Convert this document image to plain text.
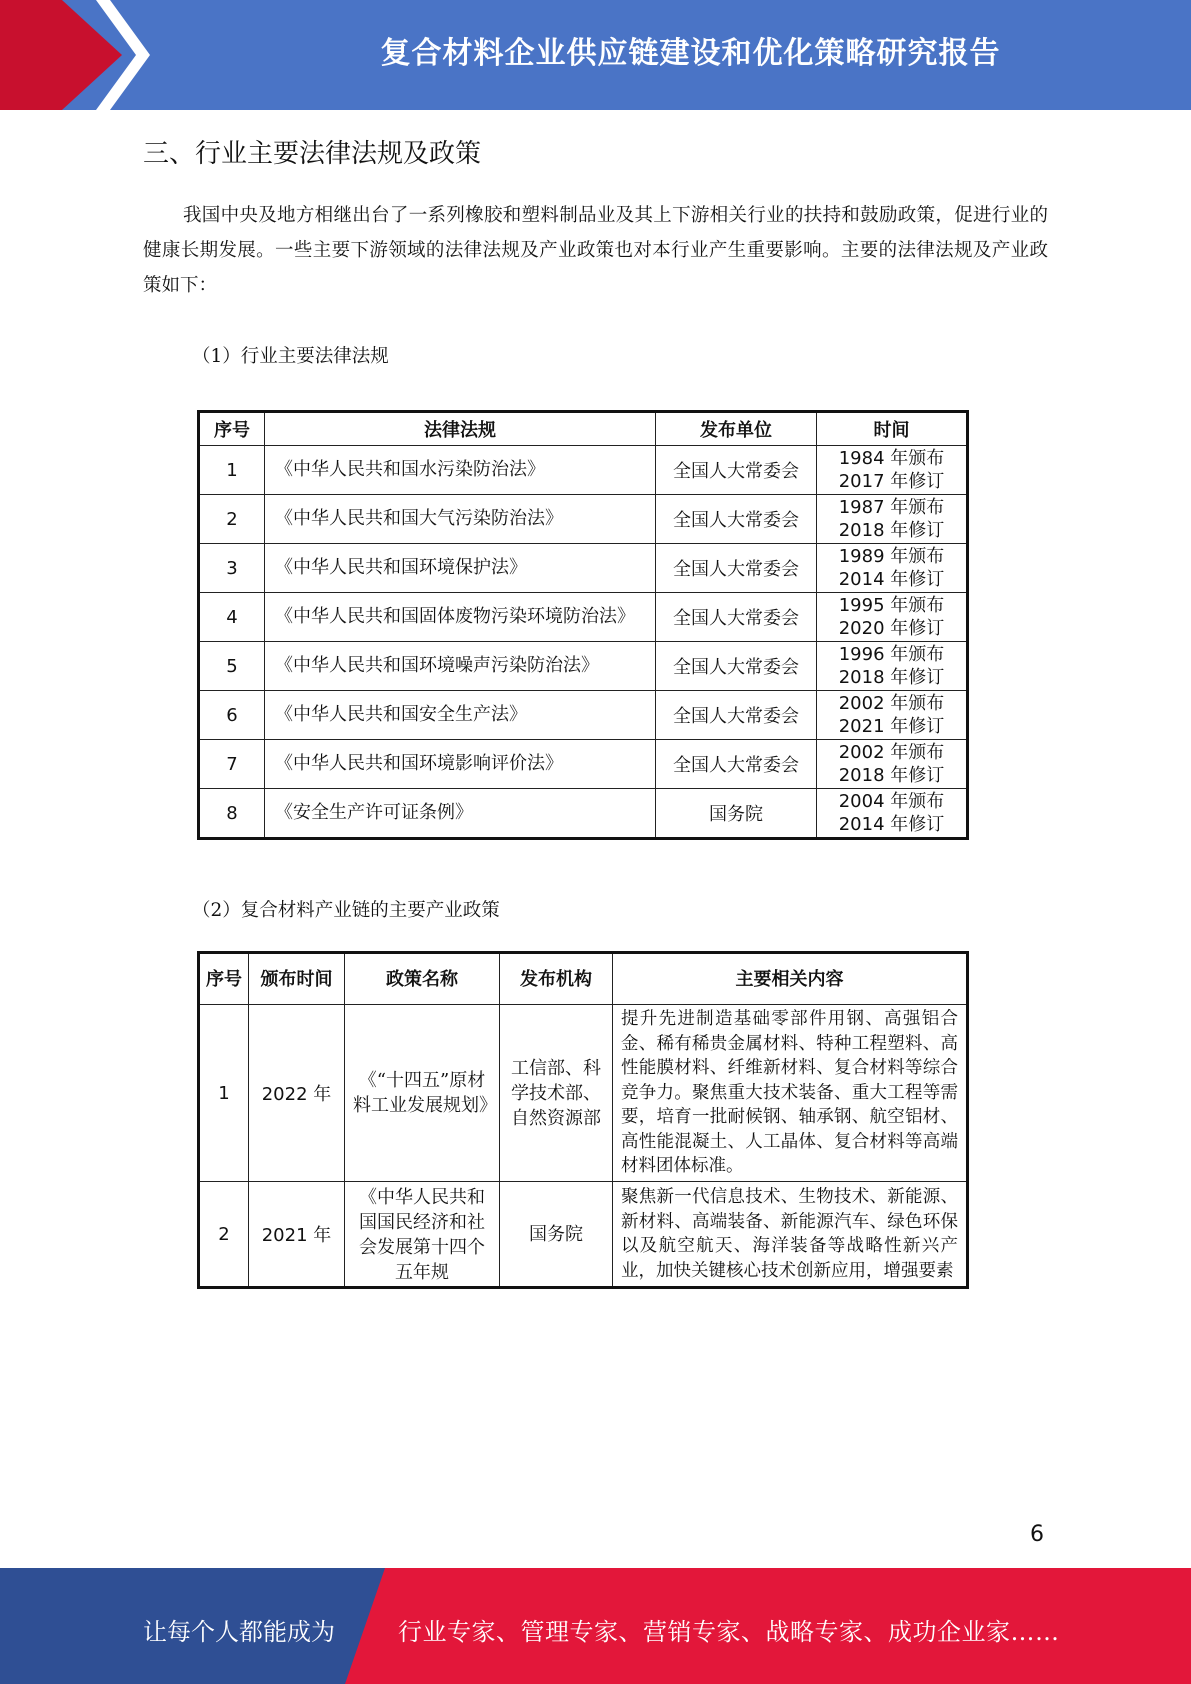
复合材料企业供应链建设和优化策略研究报告
三、行业主要法律法规及政策
我国中央及地方相继出台了一系列橡胶和塑料制品业及其上下游相关行业的扶持和鼓励政策，促进行业的健康长期发展。一些主要下游领域的法律法规及产业政策也对本行业产生重要影响。主要的法律法规及产业政策如下：
（1）行业主要法律法规
序号	法律法规	发布单位	时间
1	《中华人民共和国水污染防治法》	全国人大常委会	1984 年颁布
2017 年修订

2	《中华人民共和国大气污染防治法》	全国人大常委会	1987 年颁布
2018 年修订

3	《中华人民共和国环境保护法》	全国人大常委会	1989 年颁布
2014 年修订

4	《中华人民共和国固体废物污染环境防治法》	全国人大常委会	1995 年颁布
2020 年修订

5	《中华人民共和国环境噪声污染防治法》	全国人大常委会	1996 年颁布
2018 年修订

6	《中华人民共和国安全生产法》	全国人大常委会	2002 年颁布
2021 年修订

7	《中华人民共和国环境影响评价法》	全国人大常委会	2002 年颁布
2018 年修订

8	《安全生产许可证条例》	国务院	2004 年颁布
2014 年修订
（2）复合材料产业链的主要产业政策
序号	颁布时间	政策名称	发布机构	主要相关内容
1	2022 年	《“十四五”原材料工业发展规划》	工信部、科学技术部、自然资源部	提升先进制造基础零部件用钢、高强铝合金、稀有稀贵金属材料、特种工程塑料、高性能膜材料、纤维新材料、复合材料等综合竞争力。聚焦重大技术装备、重大工程等需要，培育一批耐候钢、轴承钢、航空铝材、高性能混凝土、人工晶体、复合材料等高端材料团体标准。
2	2021 年	《中华人民共和国国民经济和社会发展第十四个五年规	国务院	聚焦新一代信息技术、生物技术、新能源、新材料、高端装备、新能源汽车、绿色环保以及航空航天、海洋装备等战略性新兴产业，加快关键核心技术创新应用，增强要素
6
让每个人都能成为	行业专家、管理专家、营销专家、战略专家、成功企业家……
